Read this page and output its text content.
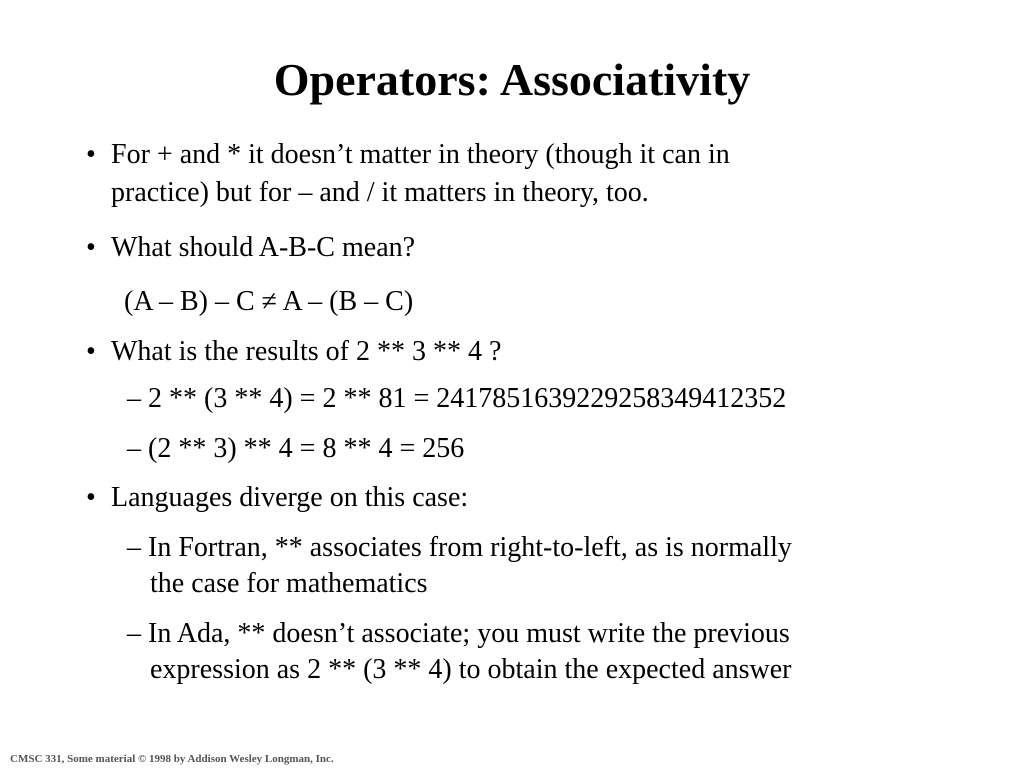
Operators: Associativity
• For + and * it doesn’t matter in theory (though it can in
practice) but for – and / it matters in theory, too.
• What should A-B-C mean?
(A – B) – C ≠ A – (B – C)
• What is the results of 2 ** 3 ** 4 ?
– 2 ** (3 ** 4) = 2 ** 81 = 2417851639229258349412352
– (2 ** 3) ** 4 = 8 ** 4 = 256
• Languages diverge on this case:
– In Fortran, ** associates from right-to-left, as is normally
the case for mathematics
– In Ada, ** doesn’t associate; you must write the previous
expression as 2 ** (3 ** 4) to obtain the expected answer
CMSC 331, Some material © 1998 by Addison Wesley Longman, Inc.
